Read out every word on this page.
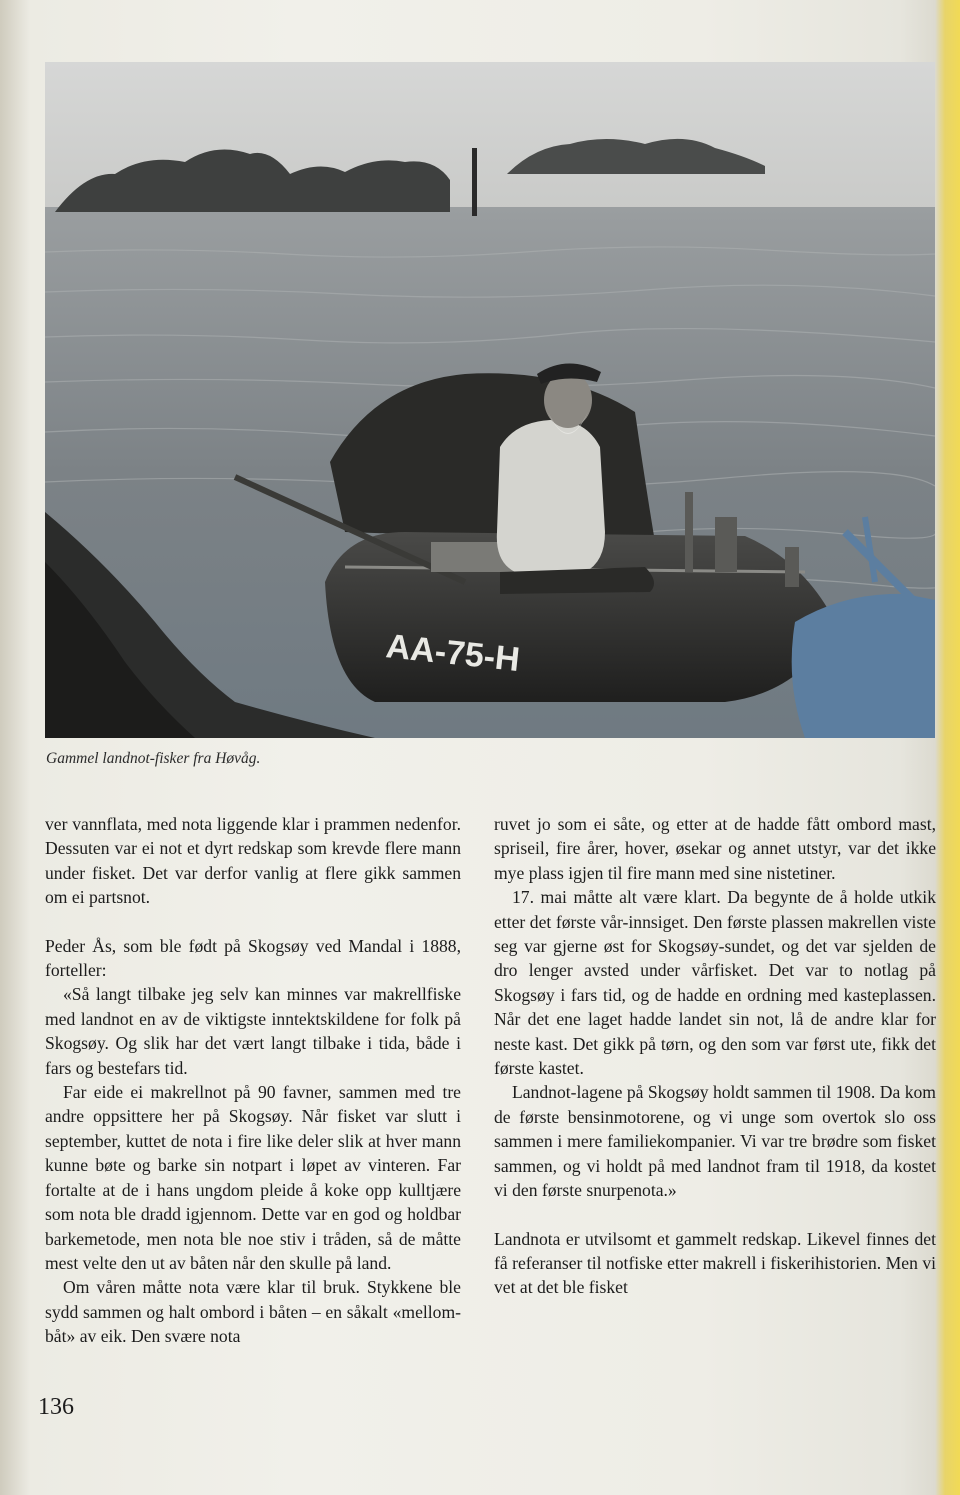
AA-75-H
Gammel landnot-fisker fra Høvåg.

ver vannflata, med nota liggende klar i prammen nedenfor. Dessuten var ei not et dyrt redskap som krevde flere mann under fisket. Det var derfor vanlig at flere gikk sammen om ei partsnot.

Peder Ås, som ble født på Skogsøy ved Mandal i 1888, forteller:

«Så langt tilbake jeg selv kan minnes var makrellfiske med landnot en av de viktigste inntektskildene for folk på Skogsøy. Og slik har det vært langt tilbake i tida, både i fars og bestefars tid.

Far eide ei makrellnot på 90 favner, sammen med tre andre oppsittere her på Skogsøy. Når fisket var slutt i september, kuttet de nota i fire like deler slik at hver mann kunne bøte og barke sin notpart i løpet av vinteren. Far fortalte at de i hans ungdom pleide å koke opp kulltjære som nota ble dradd igjennom. Dette var en god og holdbar barkemetode, men nota ble noe stiv i tråden, så de måtte mest velte den ut av båten når den skulle på land.

Om våren måtte nota være klar til bruk. Stykkene ble sydd sammen og halt ombord i båten – en såkalt «mellom-båt» av eik. Den svære nota

ruvet jo som ei såte, og etter at de hadde fått ombord mast, spriseil, fire årer, hover, øsekar og annet utstyr, var det ikke mye plass igjen til fire mann med sine nistetiner.

17. mai måtte alt være klart. Da begynte de å holde utkik etter det første vår-innsiget. Den første plassen makrellen viste seg var gjerne øst for Skogsøy-sundet, og det var sjelden de dro lenger avsted under vårfisket. Det var to notlag på Skogsøy i fars tid, og de hadde en ordning med kasteplassen. Når det ene laget hadde landet sin not, lå de andre klar for neste kast. Det gikk på tørn, og den som var først ute, fikk det første kastet.

Landnot-lagene på Skogsøy holdt sammen til 1908. Da kom de første bensinmotorene, og vi unge som overtok slo oss sammen i mere familiekompanier. Vi var tre brødre som fisket sammen, og vi holdt på med landnot fram til 1918, da kostet vi den første snurpenota.»

Landnota er utvilsomt et gammelt redskap. Likevel finnes det få referanser til notfiske etter makrell i fiskerihistorien. Men vi vet at det ble fisket

136
